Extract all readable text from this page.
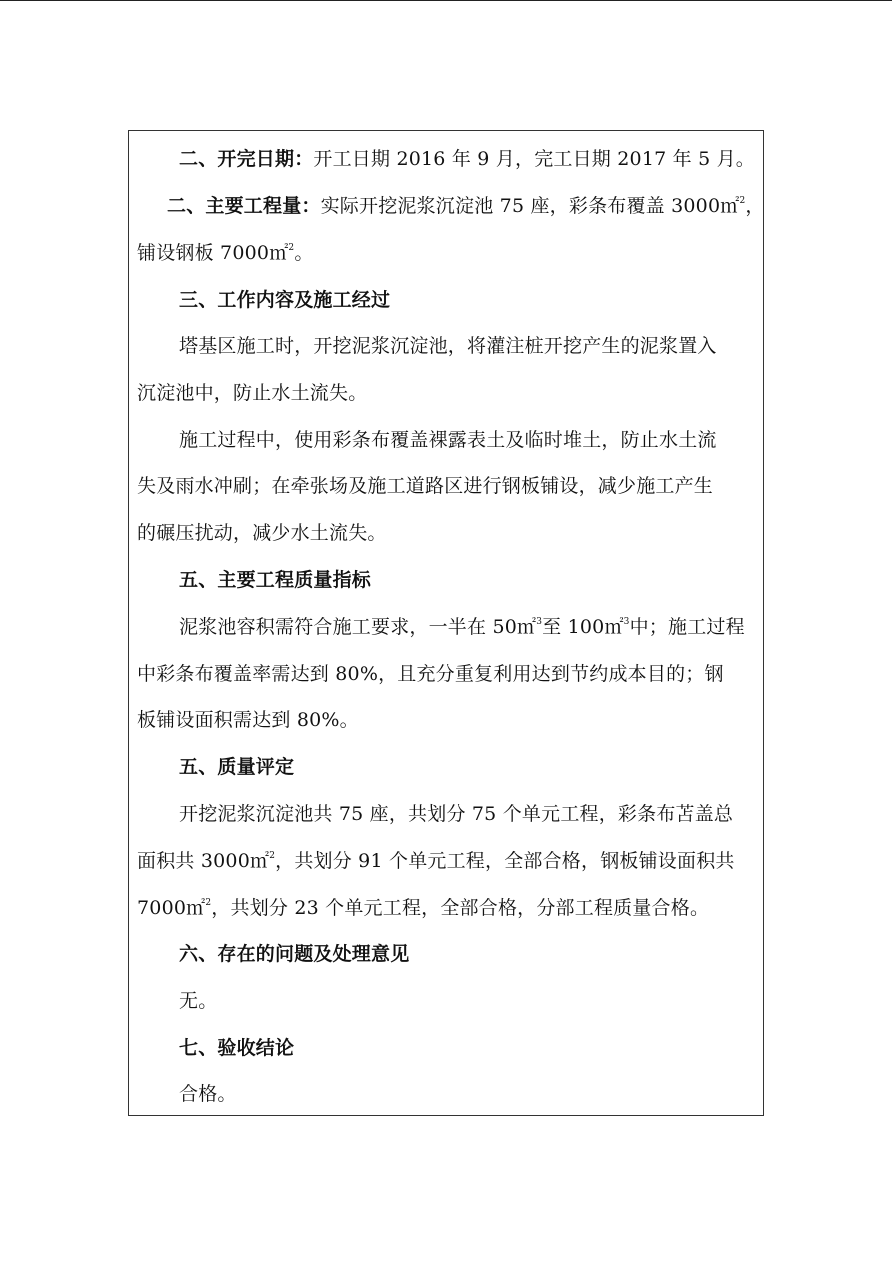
二、开完日期：开工日期 2016 年 9 月，完工日期 2017 年 5 月。
二、主要工程量：实际开挖泥浆沉淀池 75 座，彩条布覆盖 3000㎡$^2$，
铺设钢板 7000㎡$^2$。
三、工作内容及施工经过
塔基区施工时，开挖泥浆沉淀池，将灌注桩开挖产生的泥浆置入
沉淀池中，防止水土流失。
施工过程中，使用彩条布覆盖裸露表土及临时堆土，防止水土流
失及雨水冲刷；在牵张场及施工道路区进行钢板铺设，减少施工产生
的碾压扰动，减少水土流失。
五、主要工程质量指标
泥浆池容积需符合施工要求，一半在 50㎡$^3$至 100㎡$^3$中；施工过程
中彩条布覆盖率需达到 80%，且充分重复利用达到节约成本目的；钢
板铺设面积需达到 80%。
五、质量评定
开挖泥浆沉淀池共 75 座，共划分 75 个单元工程，彩条布苫盖总
面积共 3000㎡$^2$，共划分 91 个单元工程，全部合格，钢板铺设面积共
7000㎡$^2$，共划分 23 个单元工程，全部合格，分部工程质量合格。
六、存在的问题及处理意见
无。
七、验收结论
合格。
